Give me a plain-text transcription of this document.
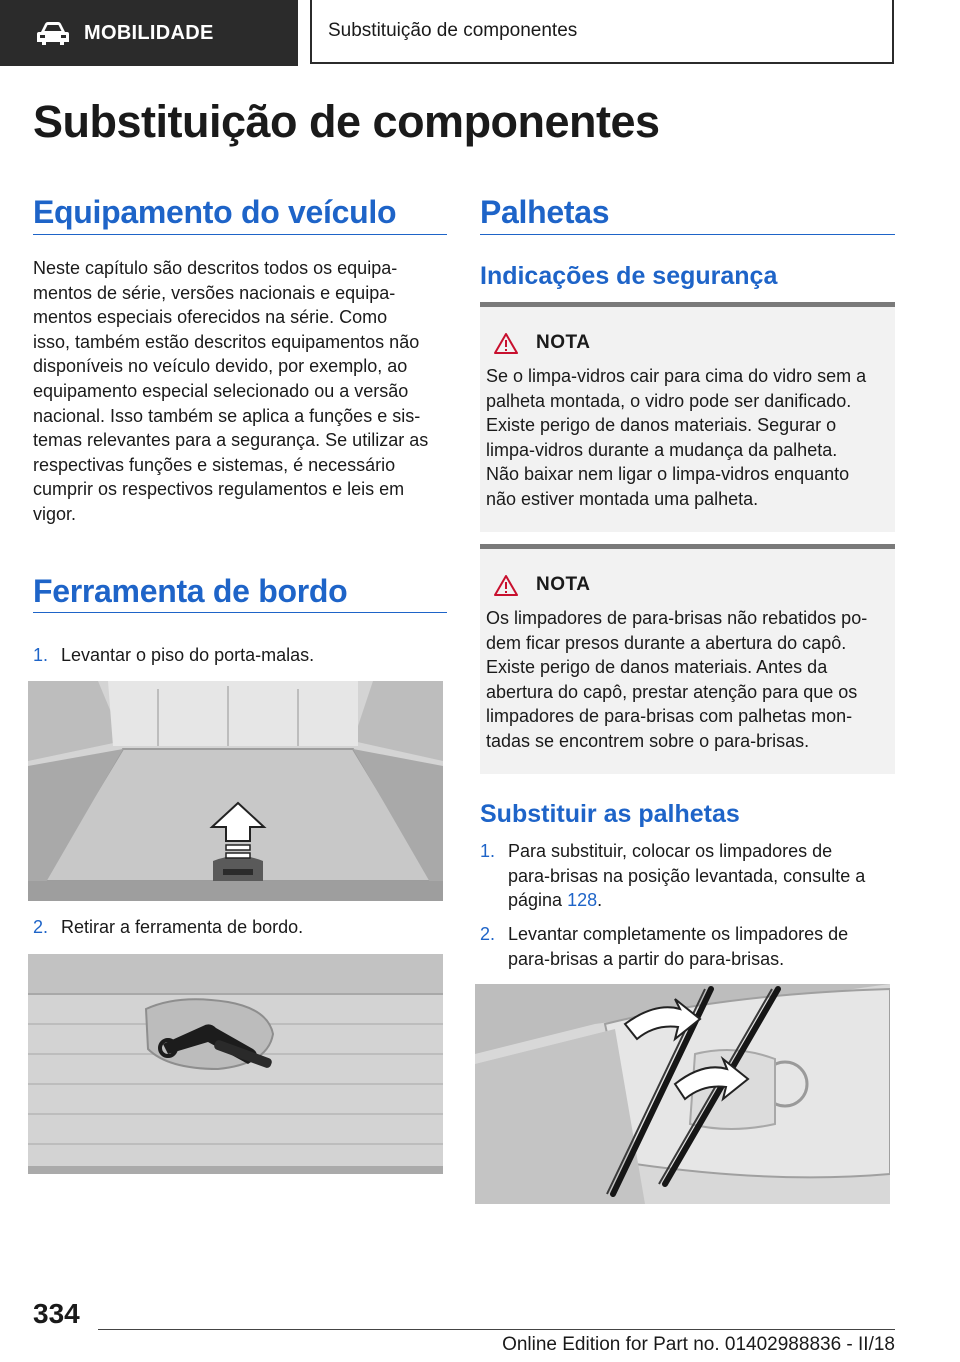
MOBILIDADE	Substituição de componentes
Substituição de componentes
Equipamento do veículo
Neste capítulo são descritos todos os equipa-
mentos de série, versões nacionais e equipa-
mentos especiais oferecidos na série. Como
isso, também estão descritos equipamentos não
disponíveis no veículo devido, por exemplo, ao
equipamento especial selecionado ou a versão
nacional. Isso também se aplica a funções e sis-
temas relevantes para a segurança. Se utilizar as
respectivas funções e sistemas, é necessário
cumprir os respectivos regulamentos e leis em
vigor.
Ferramenta de bordo
1. Levantar o piso do porta-malas.
2. Retirar a ferramenta de bordo.
Palhetas
Indicações de segurança
NOTA

Se o limpa-vidros cair para cima do vidro sem a
palheta montada, o vidro pode ser danificado.
Existe perigo de danos materiais. Segurar o
limpa-vidros durante a mudança da palheta.
Não baixar nem ligar o limpa-vidros enquanto
não estiver montada uma palheta.

NOTA

Os limpadores de para-brisas não rebatidos po-
dem ficar presos durante a abertura do capô.
Existe perigo de danos materiais. Antes da
abertura do capô, prestar atenção para que os
limpadores de para-brisas com palhetas mon-
tadas se encontrem sobre o para-brisas.

Substituir as palhetas
1. Para substituir, colocar os limpadores de
para-brisas na posição levantada, consulte a
página 128.
2. Levantar completamente os limpadores de
para-brisas a partir do para-brisas.
334
Online Edition for Part no. 01402988836 - II/18
